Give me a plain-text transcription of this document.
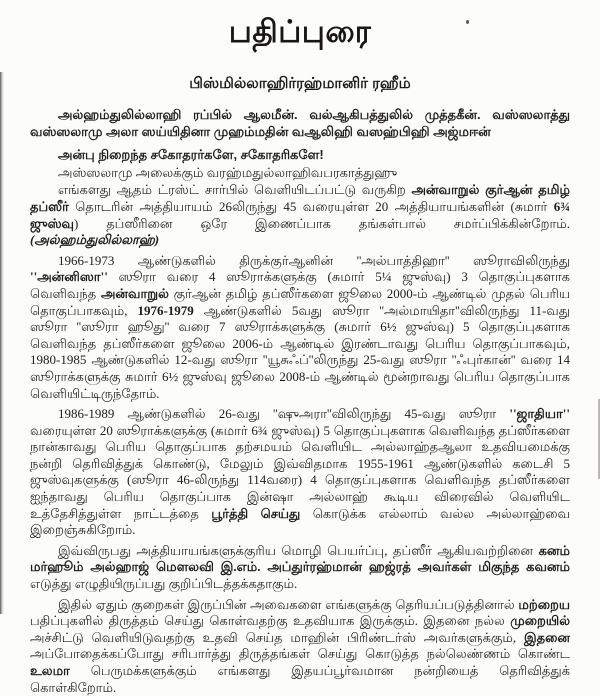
பதிப்புரை
பிஸ்மில்லாஹிர்ரஹ்மானிர் ரஹீம்

அல்ஹம்துலில்லாஹி ரப்பில் ஆலமீன். வல்ஆகிபத்துலில் முத்தகீன். வஸ்ஸலாத்து வஸ்ஸலாமு அலா ஸய்யிதினா முஹம்மதின் வஆலிஹி வஸஹ்பிஹி அஜ்மஈன்

அன்பு நிறைந்த சகோதரர்களே, சகோதரிகளே!

அஸ்ஸலாமு அலைக்கும் வரஹ்மதுல்லாஹிவபரகாத்துஹு

எங்களது ஆதம் ட்ரஸ்ட் சார்பில் வெளியிடப்பட்டு வருகிற அன்வாறுல் குர்ஆன் தமிழ் தப்ஸீர் தொடரின் அத்தியாயம் 26லிருந்து 45 வரையுள்ள 20 அத்தியாயங்களின் (சுமார் 6¾ ஜுஸ்வு) தப்ஸீரினை ஒரே இணைப்பாக தங்கள்பால் சமர்ப்பிக்கின்றோம். (அல்ஹம்துலில்லாஹ்)

1966-1973 ஆண்டுகளில் திருக்குர்ஆனின் ''அல்பாத்திஹா'' ஸூராவிலிருந்து ''அன்னிஸா'' ஸூரா வரை 4 ஸூராக்களுக்கு (சுமார் 5¼ ஜுஸ்வு) 3 தொகுப்புகளாக வெளிவந்த அன்வாறுல் குர்ஆன் தமிழ் தப்ஸீர்களை ஜூலை 2000-ம் ஆண்டில் முதல் பெரிய தொகுப்பாகவும், 1976-1979 ஆண்டுகளில் 5வது ஸூரா ''அல்மாயிதா''விலிருந்து 11-வது ஸூரா ''ஸூரா ஹூது'' வரை 7 ஸூராக்களுக்கு (சுமார் 6½ ஜுஸ்வு) 5 தொகுப்புகளாக வெளிவந்த தப்ஸீர்களை ஜூலை 2006-ம் ஆண்டில் இரண்டாவது பெரிய தொகுப்பாகவும், 1980-1985 ஆண்டுகளில் 12-வது ஸூரா ''யூசுஃப்''லிருந்து 25-வது ஸூரா ''ஃபுர்கான்'' வரை 14 ஸூராக்களுக்கு சுமார் 6½ ஜுஸ்வு ஜூலை 2008-ம் ஆண்டில் மூன்றாவது பெரிய தொகுப்பாக வெளியிட்டிருந்தோம்.

1986-1989 ஆண்டுகளில் 26-வது ''ஷுஅரா''விலிருந்து 45-வது ஸூரா ''ஜாதியா'' வரையுள்ள 20 ஸூராக்களுக்கு (சுமார் 6¾ ஜுஸ்வு) 5 தொகுப்புகளாக வெளிவந்த தப்ஸீர்களை நான்காவது பெரிய தொகுப்பாக தற்சமயம் வெளியிட அல்லாஹ்தஆலா உதவியமைக்கு நன்றி தெரிவித்துக் கொண்டு, மேலும் இவ்விதமாக 1955-1961 ஆண்டுகளில் கடைசி 5 ஜுஸ்வுகளுக்கு (ஸூரா 46-லிருந்து 114வரை) 4 தொகுப்புகளாக வெளிவந்த தப்ஸீர்களை ஐந்தாவது பெரிய தொகுப்பாக இன்ஷா அல்லாஹ் கூடிய விரைவில் வெளியிட உத்தேசித்துள்ள நாட்டத்தை பூர்த்தி செய்து கொடுக்க எல்லாம் வல்ல அல்லாஹ்வை இறைஞ்சுகிறோம்.

இவ்விருபது அத்தியாயங்களுக்குரிய மொழி பெயர்ப்பு, தப்ஸீர் ஆகியவற்றினை கனம் மர்ஹூம் அல்ஹாஜ் மௌலவி இ.எம். அப்துர்ரஹ்மான் ஹஜ்ரத் அவர்கள் மிகுந்த கவனம் எடுத்து எழுதியிருப்பது குறிப்பிடத்தக்கதாகும்.

இதில் ஏதும் குறைகள் இருப்பின் அவைகளை எங்களுக்கு தெரியப்படுத்தினால் மற்றைய பதிப்புகளில் திருத்தம் செய்து கொள்வதற்கு உதவியாக இருக்கும். இதனை நல்ல முறையில் அச்சிட்டு வெளியிடுவதற்கு உதவி செய்த மாஹின் பிரிண்டர்ஸ் அவர்களுக்கும், இதனை அப்போதைக்கப்போது சரிபார்த்து திருத்தங்கள் செய்து கொடுத்த நல்லெண்ணம் கொண்ட உலமா பெருமக்களுக்கும் எங்களது இதயப்பூர்வமான நன்றியைத் தெரிவித்துக் கொள்கிறோம்.
